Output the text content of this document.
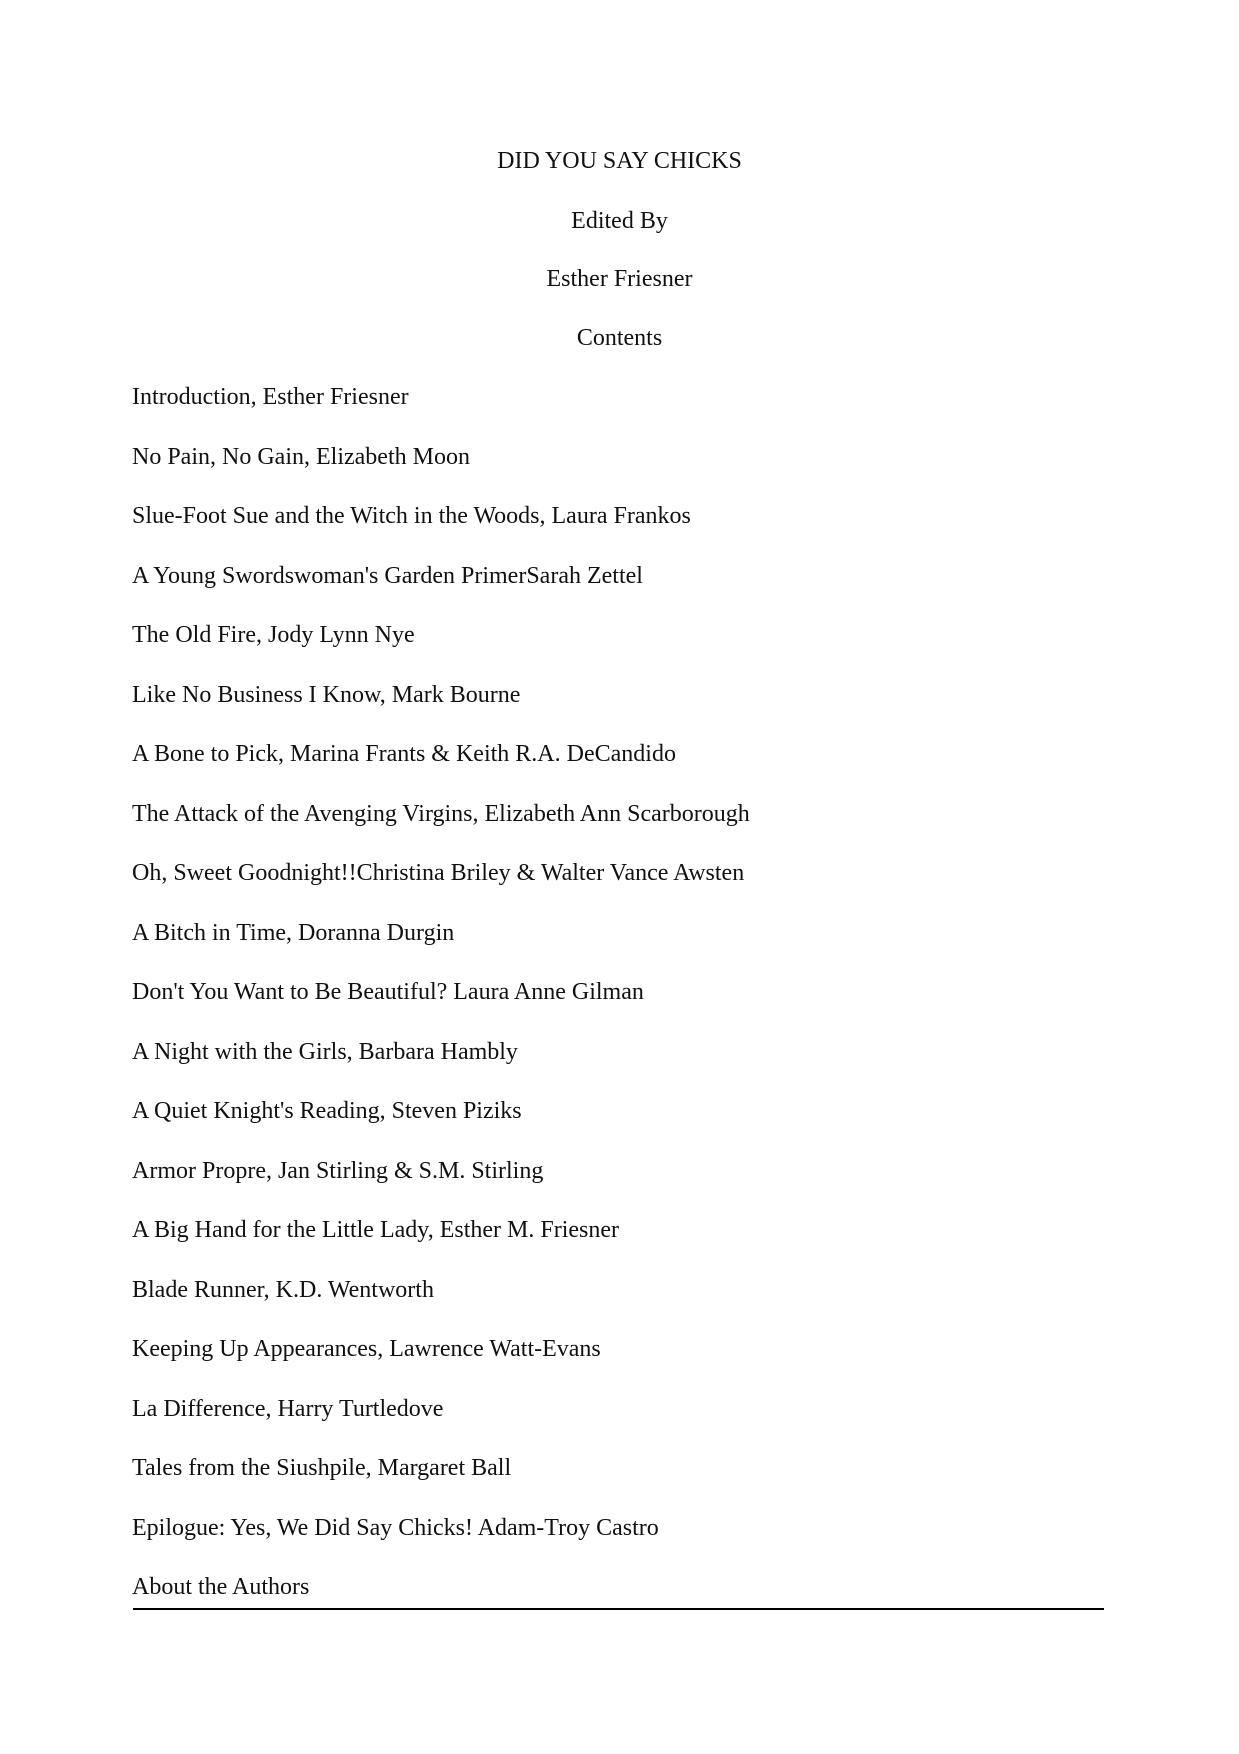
DID YOU SAY CHICKS
Edited By
Esther Friesner
Contents
Introduction, Esther Friesner
No Pain, No Gain, Elizabeth Moon
Slue-Foot Sue and the Witch in the Woods, Laura Frankos
A Young Swordswoman's Garden PrimerSarah Zettel
The Old Fire, Jody Lynn Nye
Like No Business I Know, Mark Bourne
A Bone to Pick, Marina Frants & Keith R.A. DeCandido
The Attack of the Avenging Virgins, Elizabeth Ann Scarborough
Oh, Sweet Goodnight!!Christina Briley & Walter Vance Awsten
A Bitch in Time, Doranna Durgin
Don't You Want to Be Beautiful? Laura Anne Gilman
A Night with the Girls, Barbara Hambly
A Quiet Knight's Reading, Steven Piziks
Armor Propre, Jan Stirling & S.M. Stirling
A Big Hand for the Little Lady, Esther M. Friesner
Blade Runner, K.D. Wentworth
Keeping Up Appearances, Lawrence Watt-Evans
La Difference, Harry Turtledove
Tales from the Siushpile, Margaret Ball
Epilogue: Yes, We Did Say Chicks! Adam-Troy Castro
About the Authors
